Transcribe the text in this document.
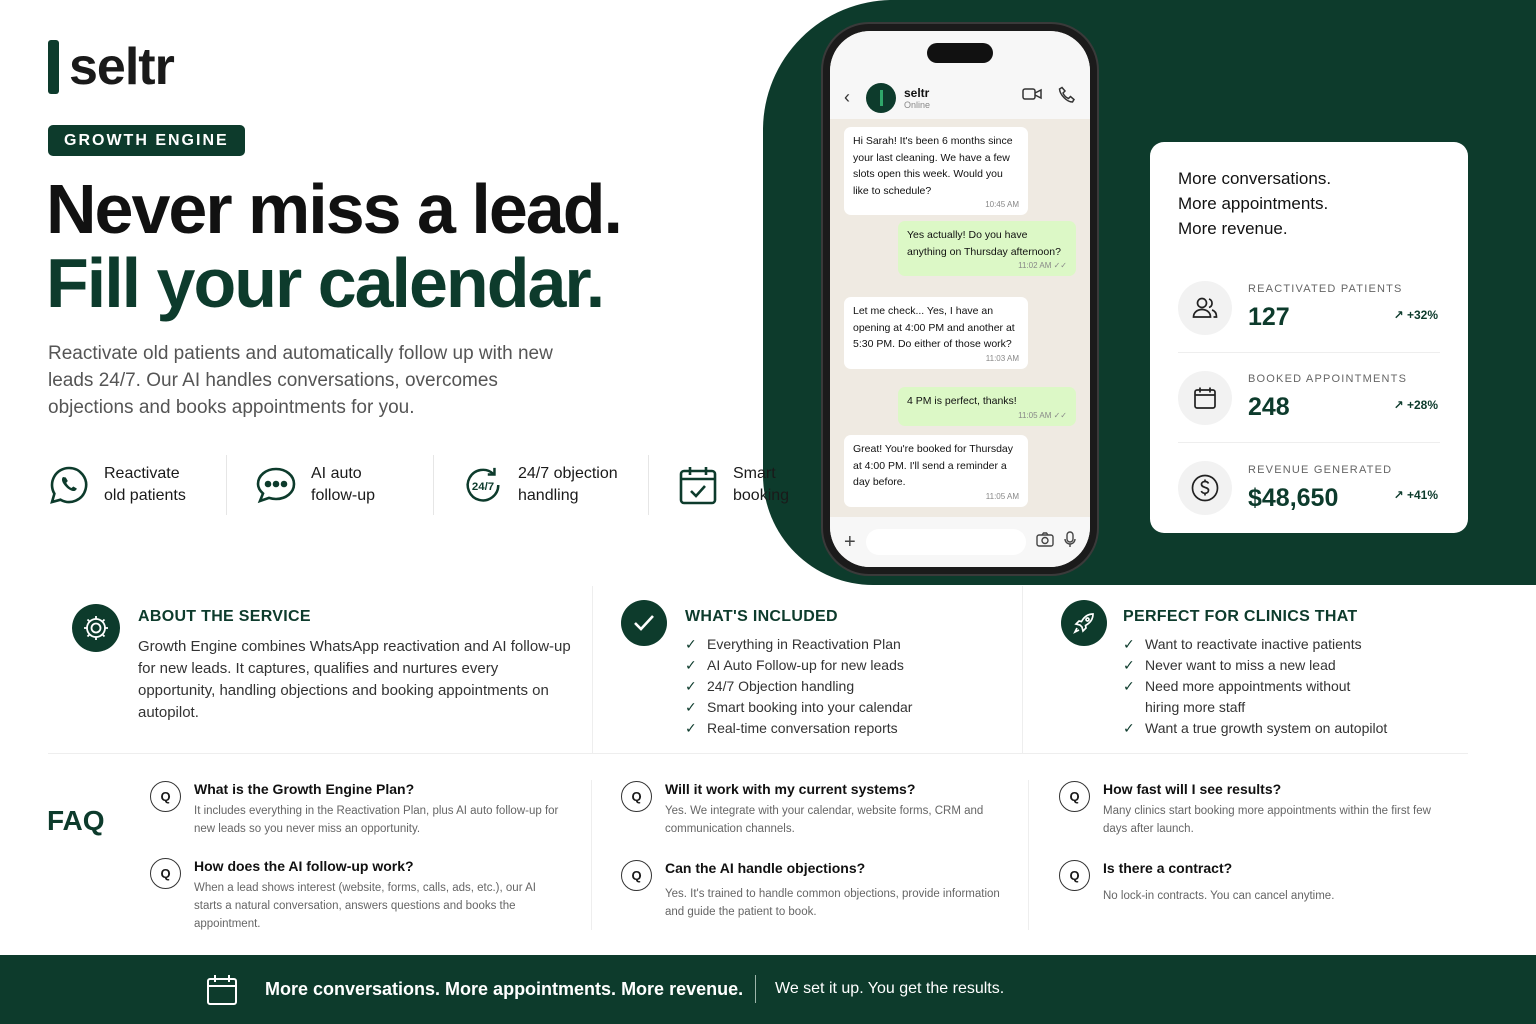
seltr
GROWTH ENGINE
Never miss a lead.
Fill your calendar.

Reactivate old patients and automatically follow up with new leads 24/7. Our AI handles conversations, overcomes objections and books appointments for you.

Reactivate old patients
AI auto follow-up
24/7
24/7 objection handling
Smart booking
‹	seltr
Online
Hi Sarah! It's been 6 months since your last cleaning. We have a few slots open this week. Would you like to schedule?
10:45 AM
Yes actually! Do you have anything on Thursday afternoon?
11:02 AM ✓✓
Let me check... Yes, I have an opening at 4:00 PM and another at 5:30 PM. Do either of those work?
11:03 AM
4 PM is perfect, thanks!
11:05 AM ✓✓
Great! You're booked for Thursday at 4:00 PM. I'll send a reminder a day before.
11:05 AM
+
More conversations.
More appointments.
More revenue.
REACTIVATED PATIENTS
127	↗ +32%
BOOKED APPOINTMENTS
248	↗ +28%
REVENUE GENERATED
$48,650	↗ +41%
ABOUT THE SERVICE

Growth Engine combines WhatsApp reactivation and AI follow-up for new leads. It captures, qualifies and nurtures every opportunity, handling objections and booking appointments on autopilot.

WHAT'S INCLUDED
✓ Everything in Reactivation Plan
✓ AI Auto Follow-up for new leads
✓ 24/7 Objection handling
✓ Smart booking into your calendar
✓ Real-time conversation reports
PERFECT FOR CLINICS THAT
✓ Want to reactivate inactive patients
✓ Never want to miss a new lead
✓ Need more appointments without hiring more staff
✓ Want a true growth system on autopilot
FAQ
Q	What is the Growth Engine Plan?
It includes everything in the Reactivation Plan, plus AI auto follow-up for new leads so you never miss an opportunity.
Q	How does the AI follow-up work?
When a lead shows interest (website, forms, calls, ads, etc.), our AI starts a natural conversation, answers questions and books the appointment.
Q	Will it work with my current systems?
Yes. We integrate with your calendar, website forms, CRM and communication channels.
Q	Can the AI handle objections?
Yes. It's trained to handle common objections, provide information and guide the patient to book.
Q	How fast will I see results?
Many clinics start booking more appointments within the first few days after launch.
Q	Is there a contract?
No lock-in contracts. You can cancel anytime.
More conversations. More appointments. More revenue. We set it up. You get the results.
